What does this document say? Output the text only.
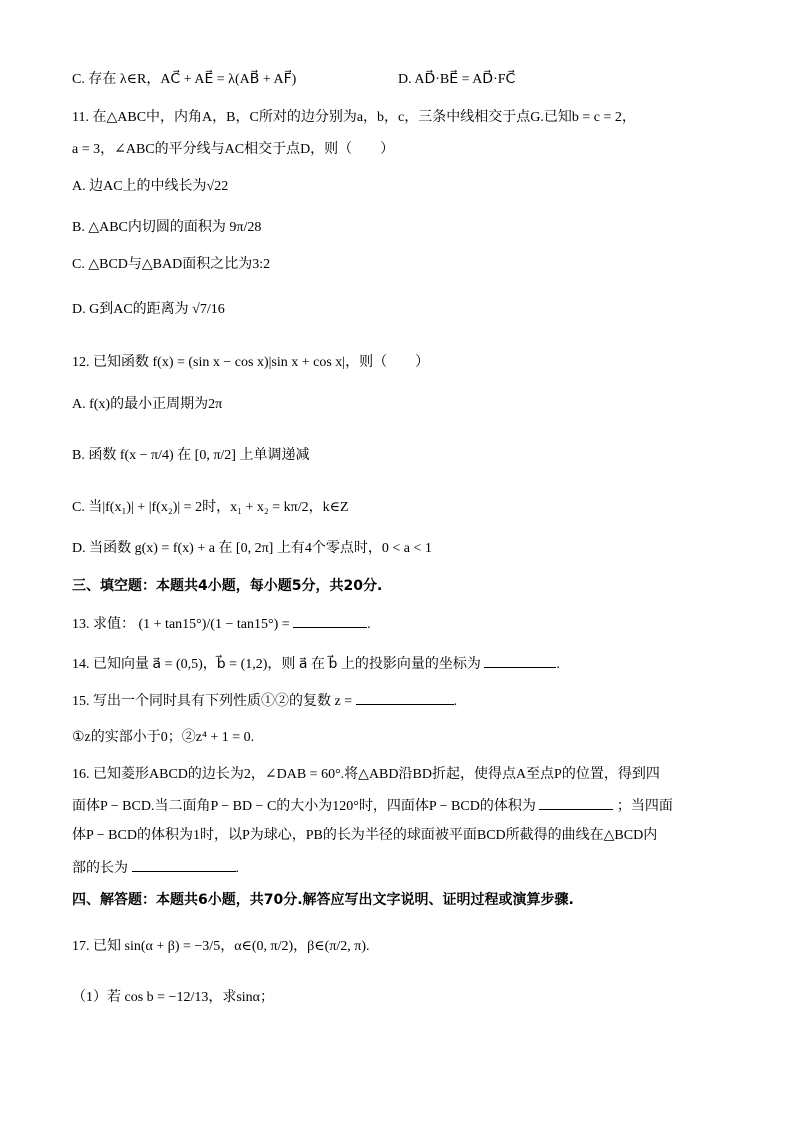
C. 存在 λ∈R，AC⃗ + AE⃗ = λ(AB⃗ + AF⃗)	D. AD⃗·BE⃗ = AD⃗·FC⃗
11. 在△ABC中，内角A，B，C所对的边分别为a，b，c，三条中线相交于点G.已知b = c = 2，
a = 3，∠ABC的平分线与AC相交于点D，则（　　）
A. 边AC上的中线长为√22
B. △ABC内切圆的面积为 9π/28
C. △BCD与△BAD面积之比为3:2
D. G到AC的距离为 √7/16
12. 已知函数 f(x) = (sin x − cos x)|sin x + cos x|，则（　　）
A. f(x)的最小正周期为2π
B. 函数 f(x − π/4) 在 [0, π/2] 上单调递减
C. 当|f(x₁)| + |f(x₂)| = 2时，x₁ + x₂ = kπ/2，k∈Z
D. 当函数 g(x) = f(x) + a 在 [0, 2π] 上有4个零点时，0 < a < 1
三、填空题：本题共4小题，每小题5分，共20分.
13. 求值： (1 + tan15°)/(1 − tan15°) =	.
14. 已知向量 a⃗ = (0,5)，b⃗ = (1,2)，则 a⃗ 在 b⃗ 上的投影向量的坐标为	.
15. 写出一个同时具有下列性质①②的复数 z =	.
①z的实部小于0；②z⁴ + 1 = 0.
16. 已知菱形ABCD的边长为2，∠DAB = 60°.将△ABD沿BD折起，使得点A至点P的位置，得到四
面体P − BCD.当二面角P − BD − C的大小为120°时，四面体P − BCD的体积为	；当四面
体P − BCD的体积为1时，以P为球心，PB的长为半径的球面被平面BCD所截得的曲线在△BCD内
部的长为	.
四、解答题：本题共6小题，共70分.解答应写出文字说明、证明过程或演算步骤.
17. 已知 sin(α + β) = −3/5，α∈(0, π/2)，β∈(π/2, π).
（1）若 cos b = −12/13，求sinα；
